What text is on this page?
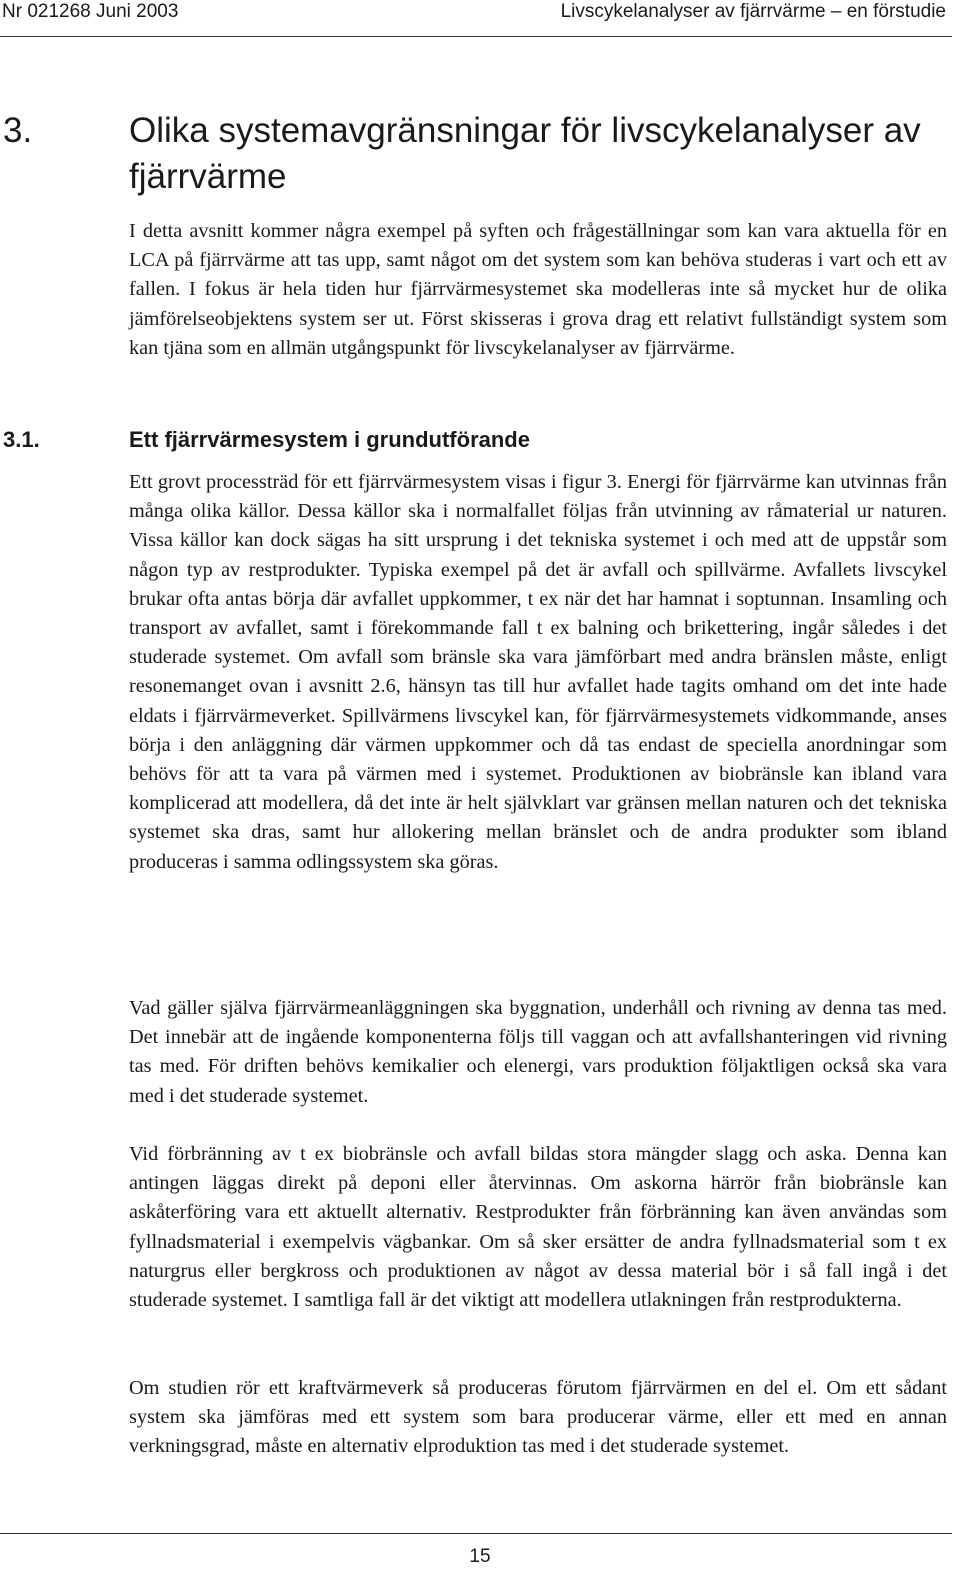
Nr 021268 Juni 2003	Livscykelanalyser av fjärrvärme – en förstudie
3.	Olika systemavgränsningar för livscykelanalyser av fjärrvärme

I detta avsnitt kommer några exempel på syften och frågeställningar som kan vara aktuella för en LCA på fjärrvärme att tas upp, samt något om det system som kan behöva studeras i vart och ett av fallen. I fokus är hela tiden hur fjärrvärmesystemet ska modelleras inte så mycket hur de olika jämförelseobjektens system ser ut. Först skisseras i grova drag ett relativt fullständigt system som kan tjäna som en allmän utgångspunkt för livscykelanalyser av fjärrvärme.

3.1.	Ett fjärrvärmesystem i grundutförande

Ett grovt processträd för ett fjärrvärmesystem visas i figur 3. Energi för fjärrvärme kan utvinnas från många olika källor. Dessa källor ska i normalfallet följas från utvinning av råmaterial ur naturen. Vissa källor kan dock sägas ha sitt ursprung i det tekniska systemet i och med att de uppstår som någon typ av restprodukter. Typiska exempel på det är avfall och spillvärme. Avfallets livscykel brukar ofta antas börja där avfallet uppkommer, t ex när det har hamnat i soptunnan. Insamling och transport av avfallet, samt i förekommande fall t ex balning och brikettering, ingår således i det studerade systemet. Om avfall som bränsle ska vara jämförbart med andra bränslen måste, enligt resonemanget ovan i avsnitt 2.6, hänsyn tas till hur avfallet hade tagits omhand om det inte hade eldats i fjärrvärmeverket. Spillvärmens livscykel kan, för fjärrvärmesystemets vidkommande, anses börja i den anläggning där värmen uppkommer och då tas endast de speciella anordningar som behövs för att ta vara på värmen med i systemet. Produktionen av biobränsle kan ibland vara komplicerad att modellera, då det inte är helt självklart var gränsen mellan naturen och det tekniska systemet ska dras, samt hur allokering mellan bränslet och de andra produkter som ibland produceras i samma odlingssystem ska göras.

Vad gäller själva fjärrvärmeanläggningen ska byggnation, underhåll och rivning av denna tas med. Det innebär att de ingående komponenterna följs till vaggan och att avfallshanteringen vid rivning tas med. För driften behövs kemikalier och elenergi, vars produktion följaktligen också ska vara med i det studerade systemet.

Vid förbränning av t ex biobränsle och avfall bildas stora mängder slagg och aska. Denna kan antingen läggas direkt på deponi eller återvinnas. Om askorna härrör från biobränsle kan askåterföring vara ett aktuellt alternativ. Restprodukter från förbränning kan även användas som fyllnadsmaterial i exempelvis vägbankar. Om så sker ersätter de andra fyllnadsmaterial som t ex naturgrus eller bergkross och produktionen av något av dessa material bör i så fall ingå i det studerade systemet. I samtliga fall är det viktigt att modellera utlakningen från restprodukterna.

Om studien rör ett kraftvärmeverk så produceras förutom fjärrvärmen en del el. Om ett sådant system ska jämföras med ett system som bara producerar värme, eller ett med en annan verkningsgrad, måste en alternativ elproduktion tas med i det studerade systemet.

15
